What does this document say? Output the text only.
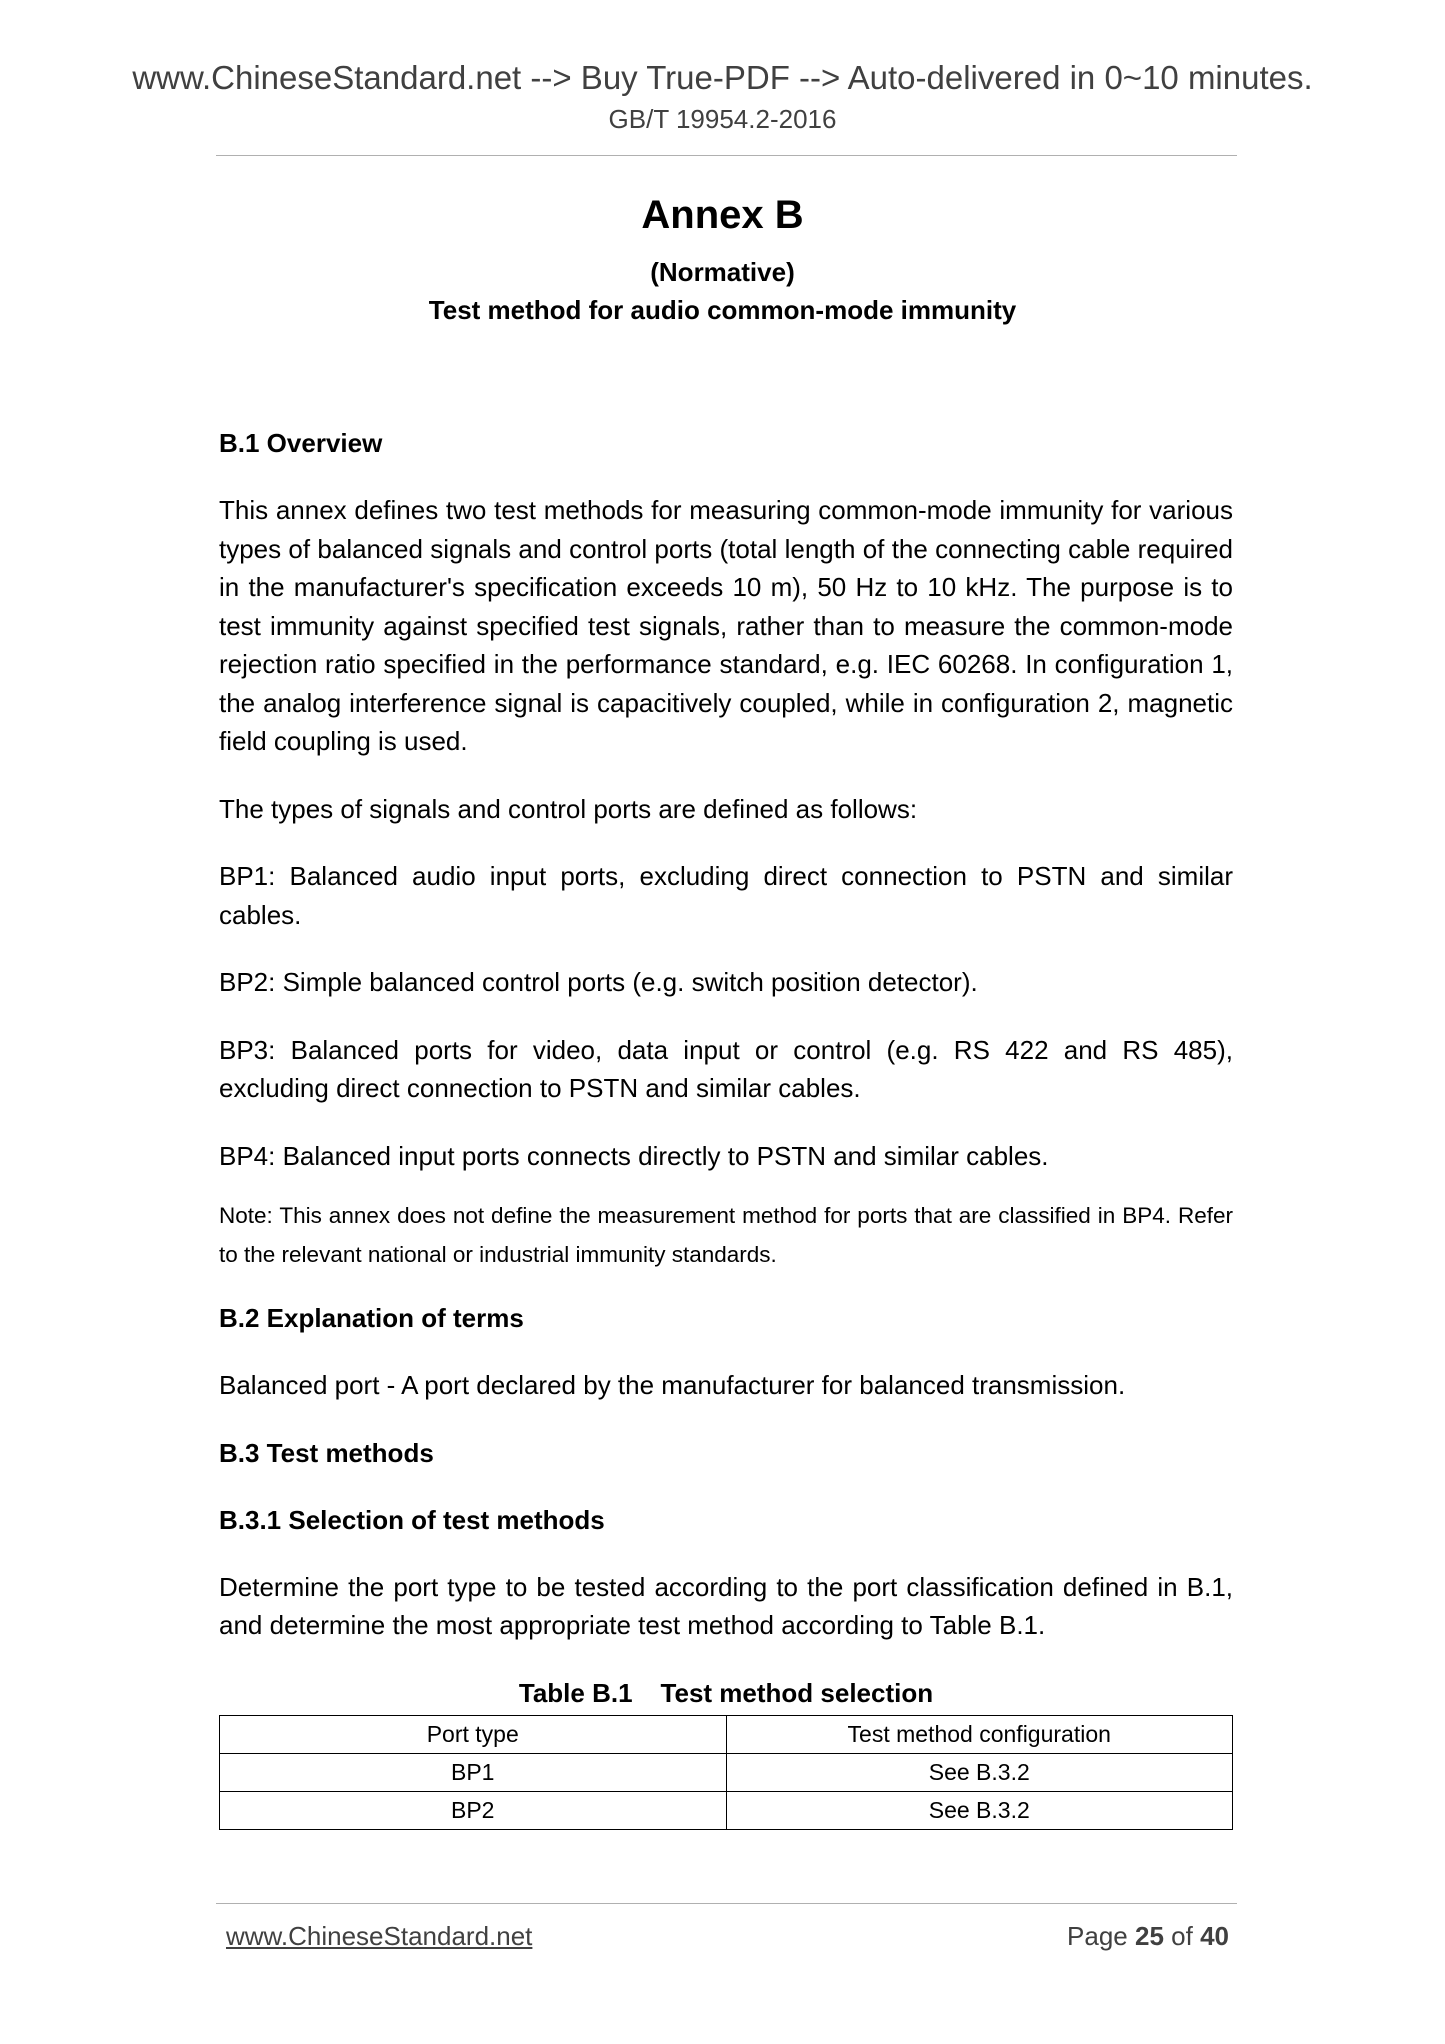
www.ChineseStandard.net --> Buy True-PDF --> Auto-delivered in 0~10 minutes.
GB/T 19954.2-2016
Annex B
(Normative)
Test method for audio common-mode immunity

B.1 Overview

This annex defines two test methods for measuring common-mode immunity for various types of balanced signals and control ports (total length of the connecting cable required in the manufacturer's specification exceeds 10 m), 50 Hz to 10 kHz. The purpose is to test immunity against specified test signals, rather than to measure the common-mode rejection ratio specified in the performance standard, e.g. IEC 60268. In configuration 1, the analog interference signal is capacitively coupled, while in configuration 2, magnetic field coupling is used.

The types of signals and control ports are defined as follows:

BP1: Balanced audio input ports, excluding direct connection to PSTN and similar cables.

BP2: Simple balanced control ports (e.g. switch position detector).

BP3: Balanced ports for video, data input or control (e.g. RS 422 and RS 485), excluding direct connection to PSTN and similar cables.

BP4: Balanced input ports connects directly to PSTN and similar cables.

Note: This annex does not define the measurement method for ports that are classified in BP4. Refer to the relevant national or industrial immunity standards.

B.2 Explanation of terms

Balanced port - A port declared by the manufacturer for balanced transmission.

B.3 Test methods

B.3.1 Selection of test methods

Determine the port type to be tested according to the port classification defined in B.1, and determine the most appropriate test method according to Table B.1.

Table B.1 Test method selection

Port type	Test method configuration
BP1	See B.3.2
BP2	See B.3.2
www.ChineseStandard.net	Page 25 of 40
